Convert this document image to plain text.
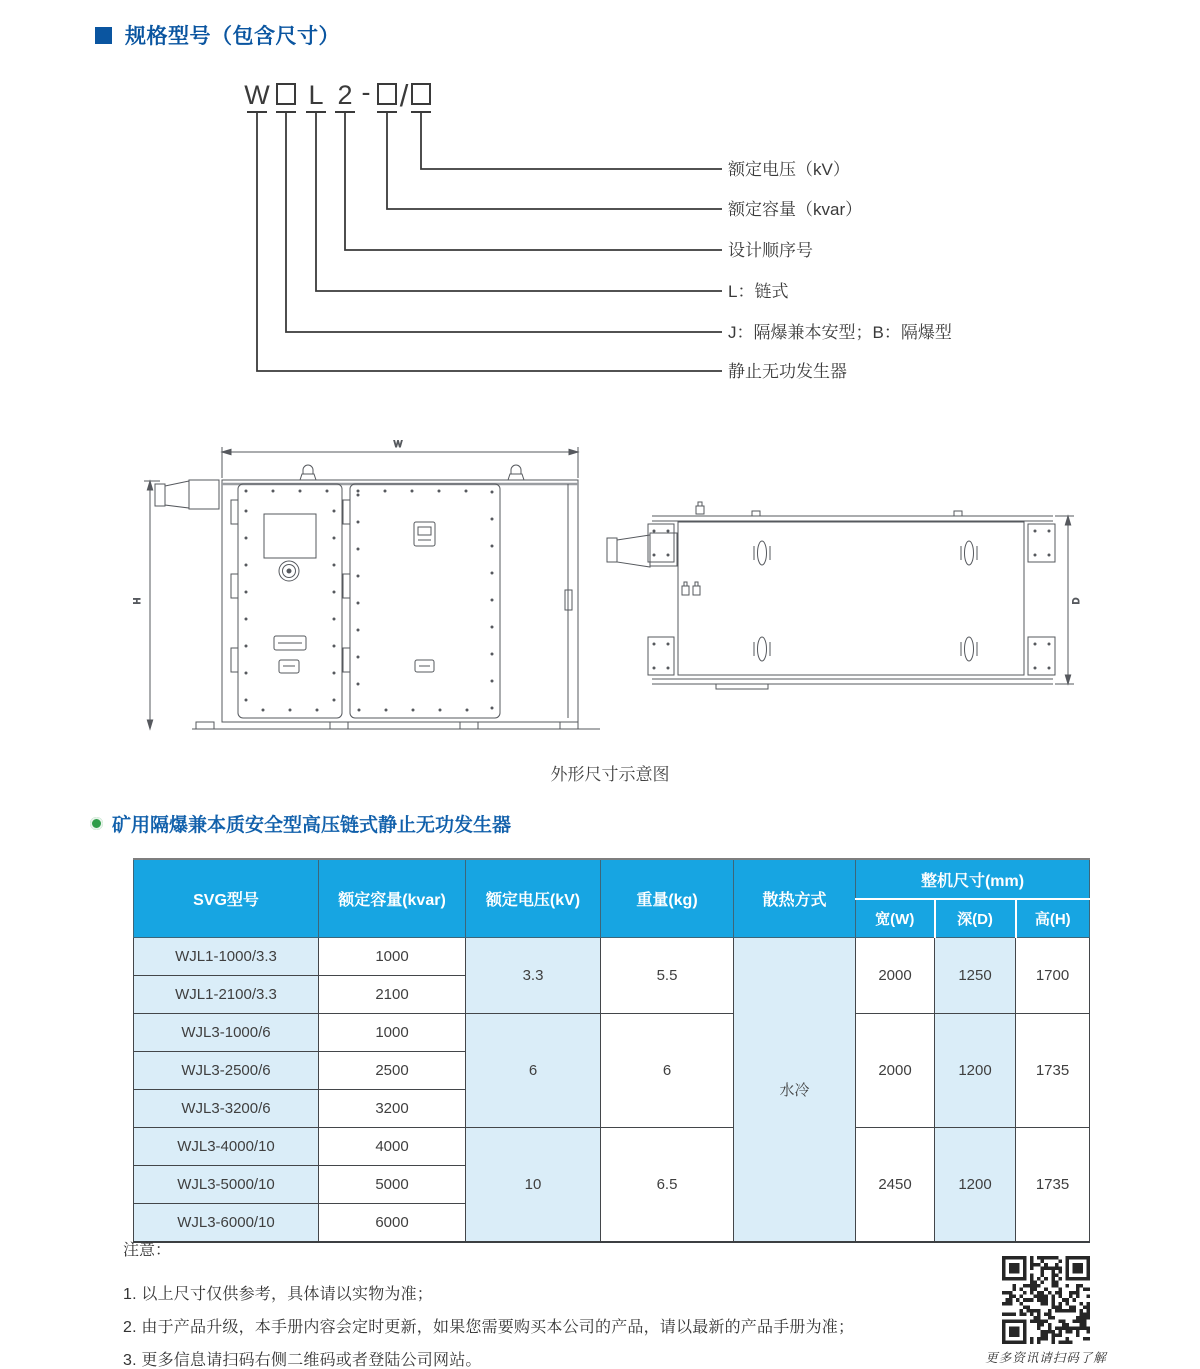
规格型号（包含尺寸）
W L 2 - /
额定电压（kV）
额定容量（kvar）
设计顺序号
L：链式
J：隔爆兼本安型；B：隔爆型
静止无功发生器
W
H	D
外形尺寸示意图
矿用隔爆兼本质安全型高压链式静止无功发生器
SVG型号	额定容量(kvar)	额定电压(kV)	重量(kg)	散热方式	整机尺寸(mm)		
					宽(W)	深(D)	高(H)
WJL1-1000/3.3	1000	3.3	5.5	水冷	2000	1250	1700
WJL1-2100/3.3	2100						
WJL3-1000/6	1000	6	6		2000	1200	1735
WJL3-2500/6	2500						
WJL3-3200/6	3200						
WJL3-4000/10	4000	10	6.5		2450	1200	1735
WJL3-5000/10	5000						
WJL3-6000/10	6000						
注意：
1. 以上尺寸仅供参考，具体请以实物为准；
2. 由于产品升级，本手册内容会定时更新，如果您需要购买本公司的产品，请以最新的产品手册为准；
3. 更多信息请扫码右侧二维码或者登陆公司网站。	更多资讯请扫码了解
